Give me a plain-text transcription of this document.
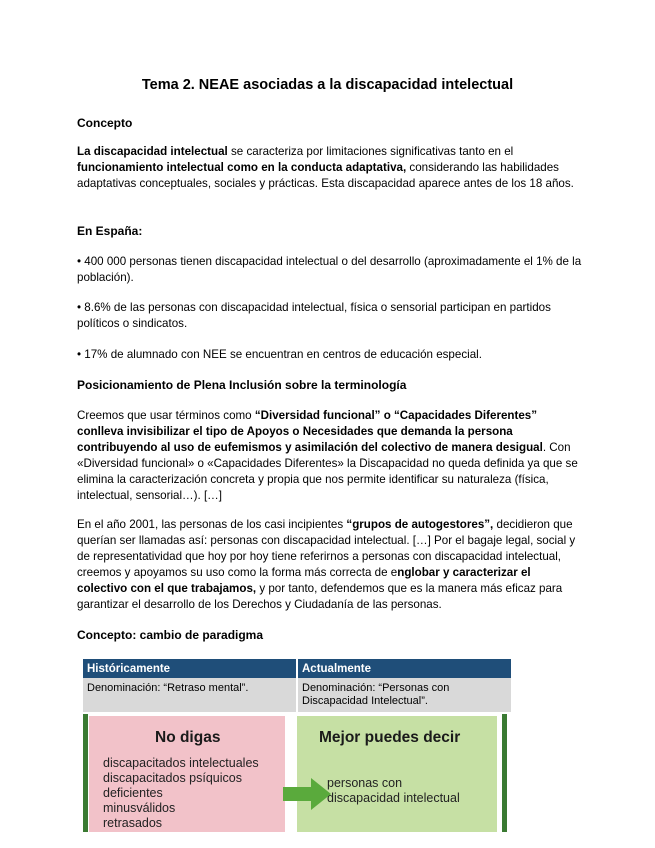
Tema 2. NEAE asociadas a la discapacidad intelectual
Concepto
La discapacidad intelectual se caracteriza por limitaciones significativas tanto en el funcionamiento intelectual como en la conducta adaptativa, considerando las habilidades adaptativas conceptuales, sociales y prácticas. Esta discapacidad aparece antes de los 18 años.
En España:
• 400 000 personas tienen discapacidad intelectual o del desarrollo (aproximadamente el 1% de la población).
• 8.6% de las personas con discapacidad intelectual, física o sensorial participan en partidos políticos o sindicatos.
• 17% de alumnado con NEE se encuentran en centros de educación especial.
Posicionamiento de Plena Inclusión sobre la terminología
Creemos que usar términos como “Diversidad funcional” o “Capacidades Diferentes” conlleva invisibilizar el tipo de Apoyos o Necesidades que demanda la persona contribuyendo al uso de eufemismos y asimilación del colectivo de manera desigual. Con «Diversidad funcional» o «Capacidades Diferentes» la Discapacidad no queda definida ya que se elimina la caracterización concreta y propia que nos permite identificar su naturaleza (física, intelectual, sensorial…). […]
En el año 2001, las personas de los casi incipientes “grupos de autogestores”, decidieron que querían ser llamadas así: personas con discapacidad intelectual. […] Por el bagaje legal, social y de representatividad que hoy por hoy tiene referirnos a personas con discapacidad intelectual, creemos y apoyamos su uso como la forma más correcta de englobar y caracterizar el colectivo con el que trabajamos, y por tanto, defendemos que es la manera más eficaz para garantizar el desarrollo de los Derechos y Ciudadanía de las personas.
Concepto: cambio de paradigma
Históricamente	Actualmente
Denominación: “Retraso mental”.	Denominación: “Personas con Discapacidad Intelectual”.
No digas
discapacitados intelectuales
discapacitados psíquicos
deficientes
minusválidos
retrasados
Mejor puedes decir
personas con
discapacidad intelectual
